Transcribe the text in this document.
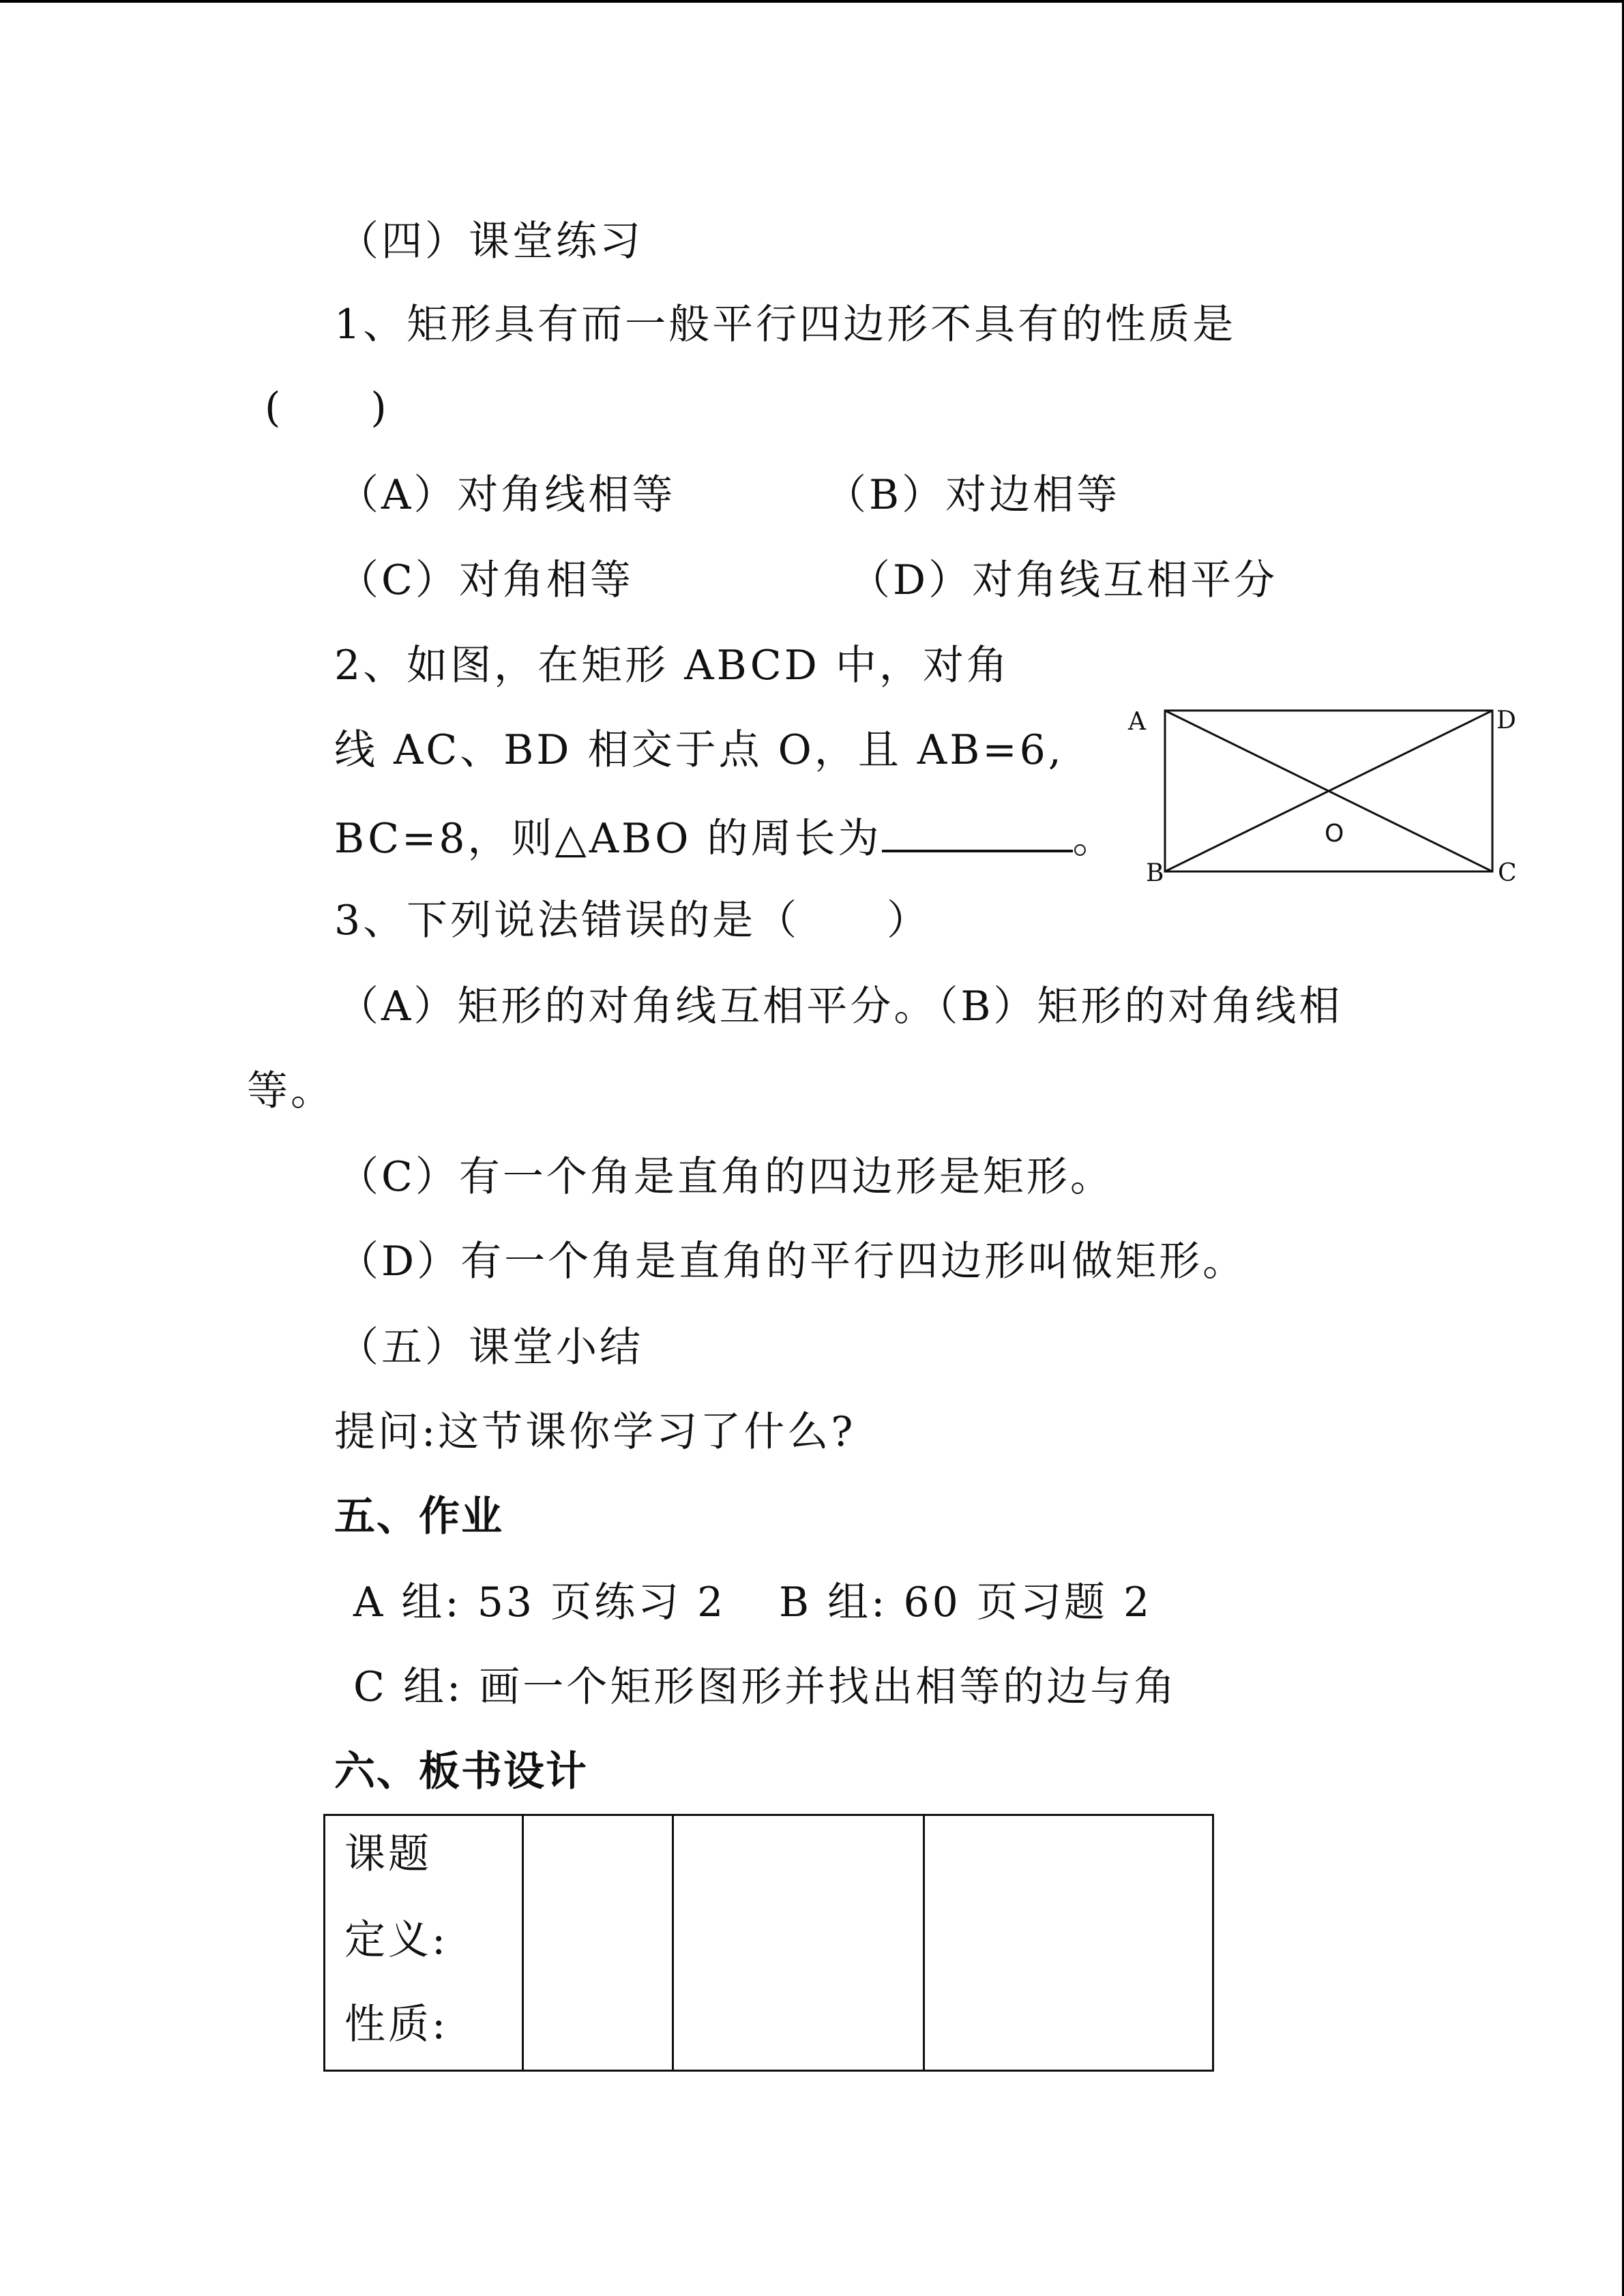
（四）课堂练习
1、矩形具有而一般平行四边形不具有的性质是
(　　)
（A）对角线相等	（B）对边相等
（C）对角相等	（D）对角线互相平分
2、如图，在矩形 ABCD 中，对角
线 AC、BD 相交于点 O，且 AB=6,
BC=8，则△ABO 的周长为	。
A	D
B	C
O
3、下列说法错误的是（　　）
（A）矩形的对角线互相平分。（B）矩形的对角线相
等。
（C）有一个角是直角的四边形是矩形。
（D）有一个角是直角的平行四边形叫做矩形。
（五）课堂小结
提问:这节课你学习了什么?
五、作业
A 组: 53 页练习 2 B 组: 60 页习题 2
C 组: 画一个矩形图形并找出相等的边与角
六、板书设计
课题
定义:
性质:
